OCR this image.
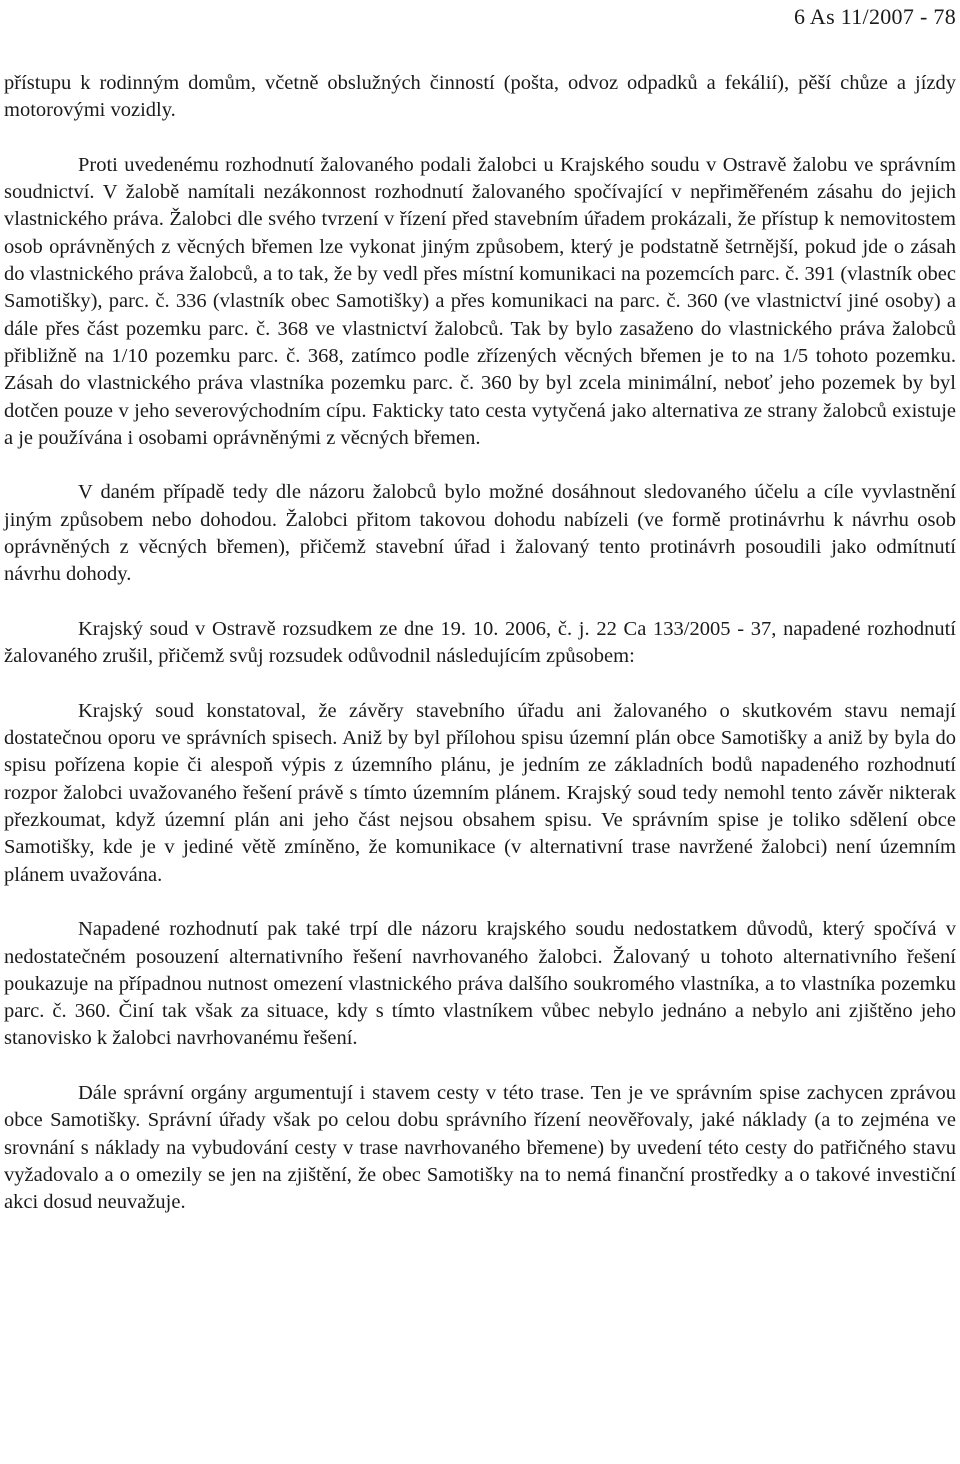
6 As 11/2007 - 78

přístupu k rodinným domům, včetně obslužných činností (pošta, odvoz odpadků a fekálií), pěší chůze a jízdy motorovými vozidly.

Proti uvedenému rozhodnutí žalovaného podali žalobci u Krajského soudu v Ostravě žalobu ve správním soudnictví. V žalobě namítali nezákonnost rozhodnutí žalovaného spočívající v nepřiměřeném zásahu do jejich vlastnického práva. Žalobci dle svého tvrzení v řízení před stavebním úřadem prokázali, že přístup k nemovitostem osob oprávněných z věcných břemen lze vykonat jiným způsobem, který je podstatně šetrnější, pokud jde o zásah do vlastnického práva žalobců, a to tak, že by vedl přes místní komunikaci na pozemcích parc. č. 391 (vlastník obec Samotišky), parc. č. 336 (vlastník obec Samotišky) a přes komunikaci na parc. č. 360 (ve vlastnictví jiné osoby) a dále přes část pozemku parc. č. 368 ve vlastnictví žalobců. Tak by bylo zasaženo do vlastnického práva žalobců přibližně na 1/10 pozemku parc. č. 368, zatímco podle zřízených věcných břemen je to na 1/5 tohoto pozemku. Zásah do vlastnického práva vlastníka pozemku parc. č. 360 by byl zcela minimální, neboť jeho pozemek by byl dotčen pouze v jeho severovýchodním cípu. Fakticky tato cesta vytyčená jako alternativa ze strany žalobců existuje a je používána i osobami oprávněnými z věcných břemen.

V daném případě tedy dle názoru žalobců bylo možné dosáhnout sledovaného účelu a cíle vyvlastnění jiným způsobem nebo dohodou. Žalobci přitom takovou dohodu nabízeli (ve formě protinávrhu k návrhu osob oprávněných z věcných břemen), přičemž stavební úřad i žalovaný tento protinávrh posoudili jako odmítnutí návrhu dohody.

Krajský soud v Ostravě rozsudkem ze dne 19. 10. 2006, č. j. 22 Ca 133/2005 - 37, napadené rozhodnutí žalovaného zrušil, přičemž svůj rozsudek odůvodnil následujícím způsobem:

Krajský soud konstatoval, že závěry stavebního úřadu ani žalovaného o skutkovém stavu nemají dostatečnou oporu ve správních spisech. Aniž by byl přílohou spisu územní plán obce Samotišky a aniž by byla do spisu pořízena kopie či alespoň výpis z územního plánu, je jedním ze základních bodů napadeného rozhodnutí rozpor žalobci uvažovaného řešení právě s tímto územním plánem. Krajský soud tedy nemohl tento závěr nikterak přezkoumat, když územní plán ani jeho část nejsou obsahem spisu. Ve správním spise je toliko sdělení obce Samotišky, kde je v jediné větě zmíněno, že komunikace (v alternativní trase navržené žalobci) není územním plánem uvažována.

Napadené rozhodnutí pak také trpí dle názoru krajského soudu nedostatkem důvodů, který spočívá v nedostatečném posouzení alternativního řešení navrhovaného žalobci. Žalovaný u tohoto alternativního řešení poukazuje na případnou nutnost omezení vlastnického práva dalšího soukromého vlastníka, a to vlastníka pozemku parc. č. 360. Činí tak však za situace, kdy s tímto vlastníkem vůbec nebylo jednáno a nebylo ani zjištěno jeho stanovisko k žalobci navrhovanému řešení.

Dále správní orgány argumentují i stavem cesty v této trase. Ten je ve správním spise zachycen zprávou obce Samotišky. Správní úřady však po celou dobu správního řízení neověřovaly, jaké náklady (a to zejména ve srovnání s náklady na vybudování cesty v trase navrhovaného břemene) by uvedení této cesty do patřičného stavu vyžadovalo a o omezily se jen na zjištění, že obec Samotišky na to nemá finanční prostředky a o takové investiční akci dosud neuvažuje.
